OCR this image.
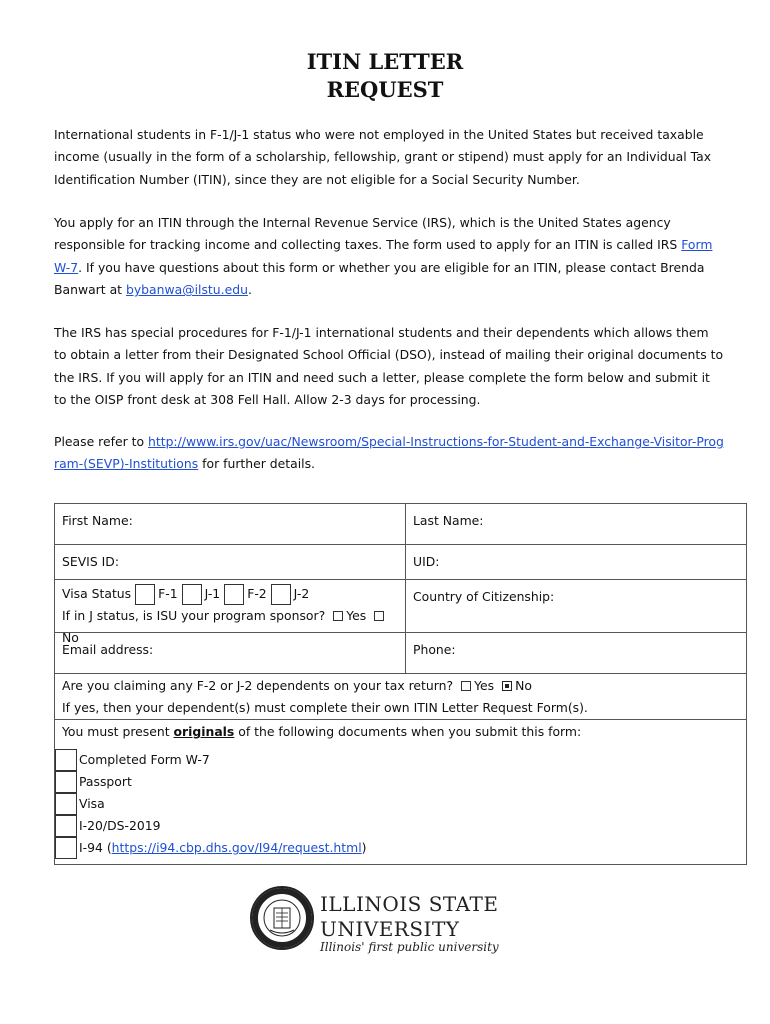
ITIN LETTER
REQUEST
International students in F-1/J-1 status who were not employed in the United States but received taxable income (usually in the form of a scholarship, fellowship, grant or stipend) must apply for an Individual Tax Identification Number (ITIN), since they are not eligible for a Social Security Number.
You apply for an ITIN through the Internal Revenue Service (IRS), which is the United States agency responsible for tracking income and collecting taxes. The form used to apply for an ITIN is called IRS Form W-7. If you have questions about this form or whether you are eligible for an ITIN, please contact Brenda Banwart at bybanwa@ilstu.edu.
The IRS has special procedures for F-1/J-1 international students and their dependents which allows them to obtain a letter from their Designated School Official (DSO), instead of mailing their original documents to the IRS. If you will apply for an ITIN and need such a letter, please complete the form below and submit it to the OISP front desk at 308 Fell Hall. Allow 2-3 days for processing.
Please refer to http://www.irs.gov/uac/Newsroom/Special-Instructions-for-Student-and-Exchange-Visitor-Program-(SEVP)-Institutions for further details.
First Name:	Last Name:
SEVIS ID:	UID:
Visa Status F-1 J-1 F-2 J-2
If in J status, is ISU your program sponsor? YesNo
Country of Citizenship:
Email address:	Phone:
Are you claiming any F-2 or J-2 dependents on your tax return? Yes No
If yes, then your dependent(s) must complete their own ITIN Letter Request Form(s).
You must present originals of the following documents when you submit this form:
Completed Form W-7
Passport
Visa
I-20/DS-2019
I-94 (https://i94.cbp.dhs.gov/I94/request.html)
ILLINOIS STATE
UNIVERSITY
Illinois' first public university
